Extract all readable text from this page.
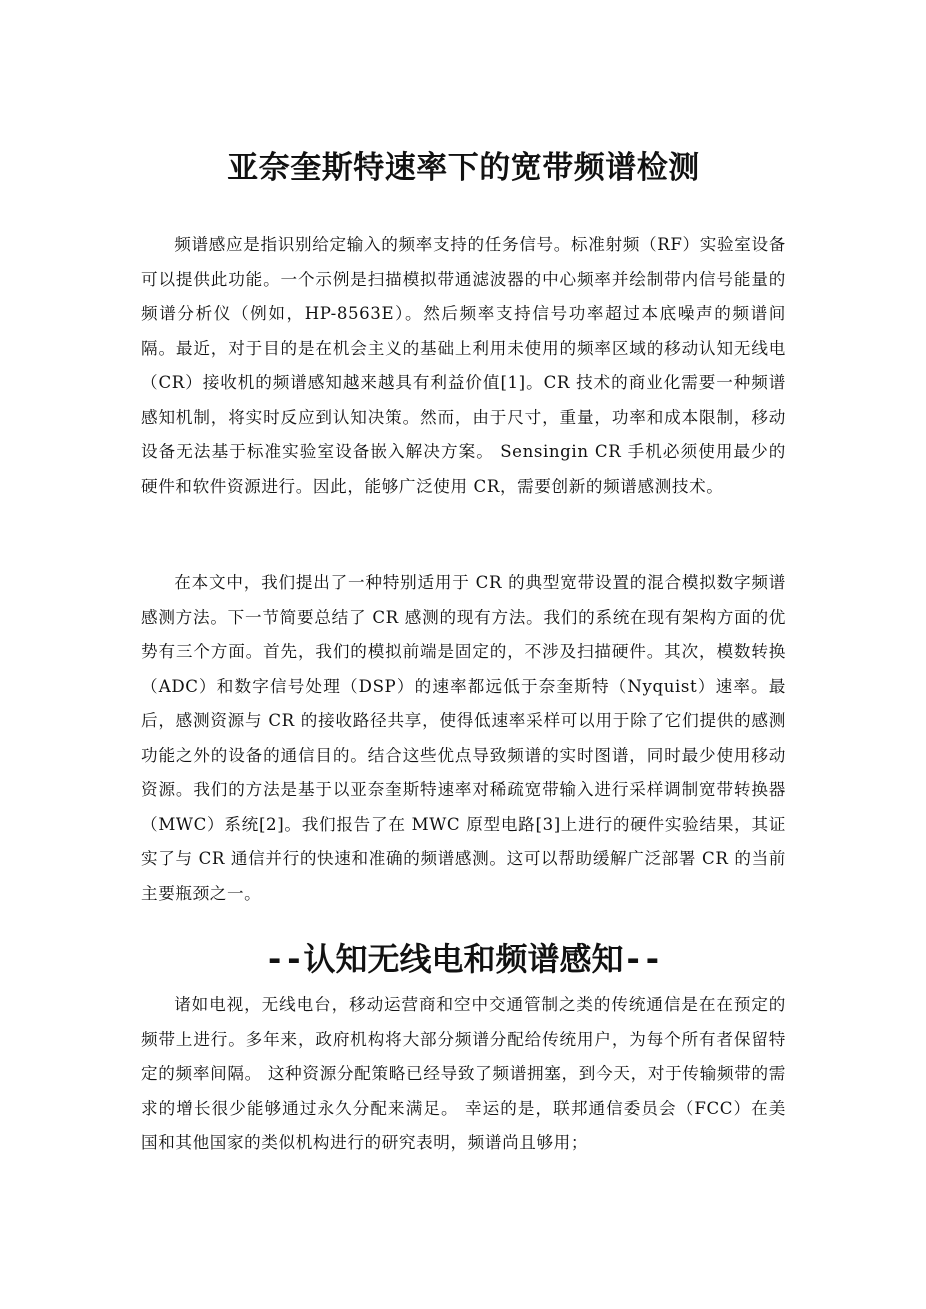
亚奈奎斯特速率下的宽带频谱检测

频谱感应是指识别给定输入的频率支持的任务信号。标准射频（RF）实验室设备可以提供此功能。一个示例是扫描模拟带通滤波器的中心频率并绘制带内信号能量的频谱分析仪（例如，HP-8563E）。然后频率支持信号功率超过本底噪声的频谱间隔。最近，对于目的是在机会主义的基础上利用未使用的频率区域的移动认知无线电（CR）接收机的频谱感知越来越具有利益价值[1]。CR 技术的商业化需要一种频谱感知机制，将实时反应到认知决策。然而，由于尺寸，重量，功率和成本限制，移动设备无法基于标准实验室设备嵌入解决方案。 Sensingin CR 手机必须使用最少的硬件和软件资源进行。因此，能够广泛使用 CR，需要创新的频谱感测技术。

在本文中，我们提出了一种特别适用于 CR 的典型宽带设置的混合模拟数字频谱感测方法。下一节简要总结了 CR 感测的现有方法。我们的系统在现有架构方面的优势有三个方面。首先，我们的模拟前端是固定的，不涉及扫描硬件。其次，模数转换（ADC）和数字信号处理（DSP）的速率都远低于奈奎斯特（Nyquist）速率。最后，感测资源与 CR 的接收路径共享，使得低速率采样可以用于除了它们提供的感测功能之外的设备的通信目的。结合这些优点导致频谱的实时图谱，同时最少使用移动资源。我们的方法是基于以亚奈奎斯特速率对稀疏宽带输入进行采样调制宽带转换器（MWC）系统[2]。我们报告了在 MWC 原型电路[3]上进行的硬件实验结果，其证实了与 CR 通信并行的快速和准确的频谱感测。这可以帮助缓解广泛部署 CR 的当前主要瓶颈之一。

--认知无线电和频谱感知--

诸如电视，无线电台，移动运营商和空中交通管制之类的传统通信是在在预定的频带上进行。多年来，政府机构将大部分频谱分配给传统用户，为每个所有者保留特定的频率间隔。 这种资源分配策略已经导致了频谱拥塞，到今天，对于传输频带的需求的增长很少能够通过永久分配来满足。 幸运的是，联邦通信委员会（FCC）在美国和其他国家的类似机构进行的研究表明，频谱尚且够用；
